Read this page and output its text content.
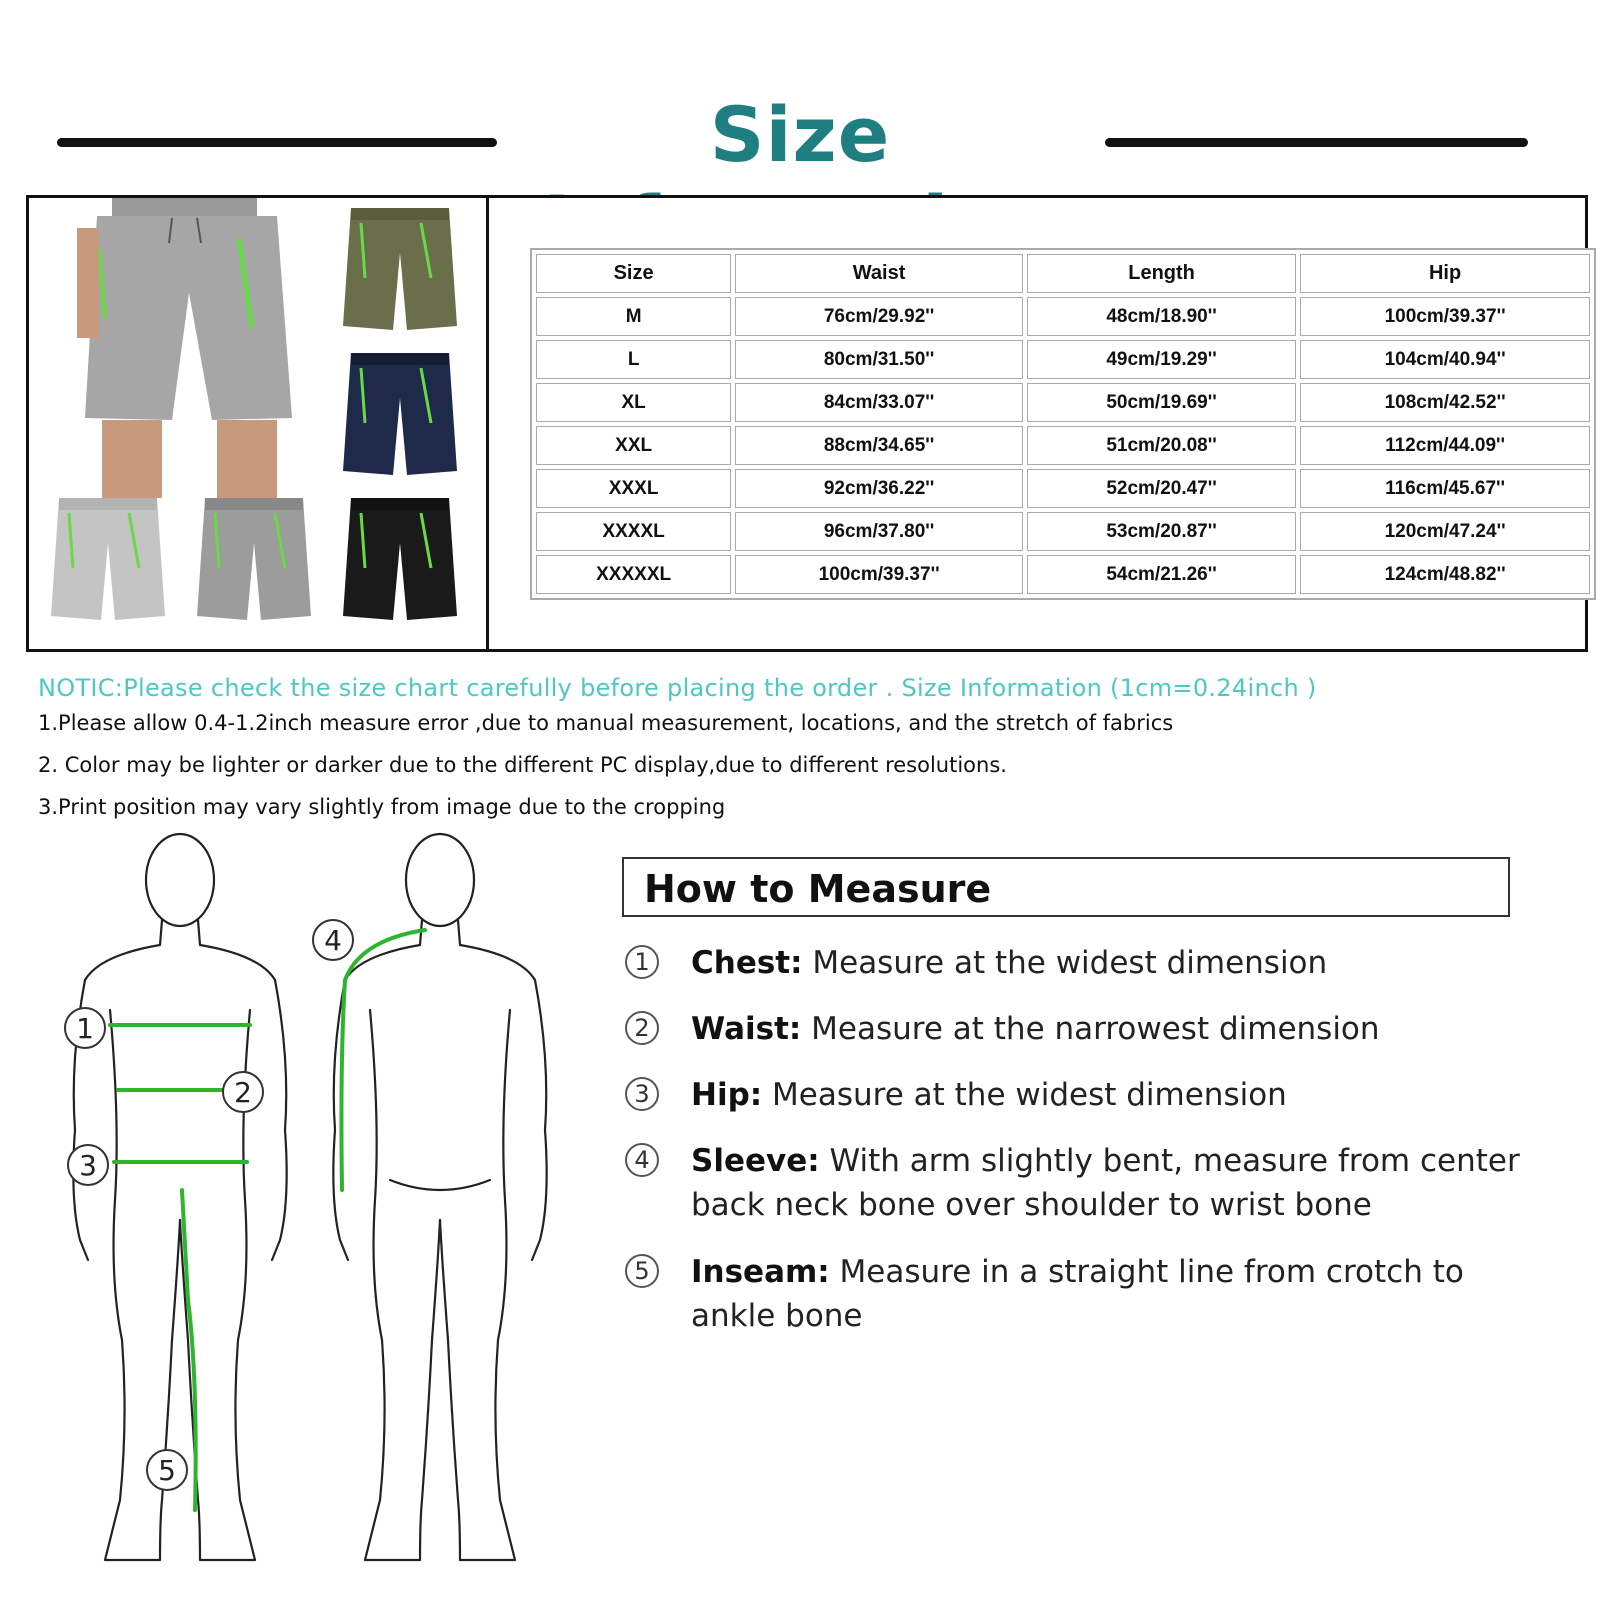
Size
Size	Waist	Length	Hip
M	76cm/29.92''	48cm/18.90''	100cm/39.37''
L	80cm/31.50''	49cm/19.29''	104cm/40.94''
XL	84cm/33.07''	50cm/19.69''	108cm/42.52''
XXL	88cm/34.65''	51cm/20.08''	112cm/44.09''
XXXL	92cm/36.22''	52cm/20.47''	116cm/45.67''
XXXXL	96cm/37.80''	53cm/20.87''	120cm/47.24''
XXXXXL	100cm/39.37''	54cm/21.26''	124cm/48.82''
NOTIC:Please check the size chart carefully before placing the order . Size Information (1cm=0.24inch )
1.Please allow 0.4-1.2inch measure error ,due to manual measurement, locations, and the stretch of fabrics
2. Color may be lighter or darker due to the different PC display,due to different resolutions.
3.Print position may vary slightly from image due to the cropping
1
2
3
4
5
How to Measure
1	Chest: Measure at the widest dimension
2	Waist: Measure at the narrowest dimension
3	Hip: Measure at the widest dimension
4	Sleeve: With arm slightly bent, measure from center back neck bone over shoulder to wrist bone
5	Inseam: Measure in a straight line from crotch to ankle bone
